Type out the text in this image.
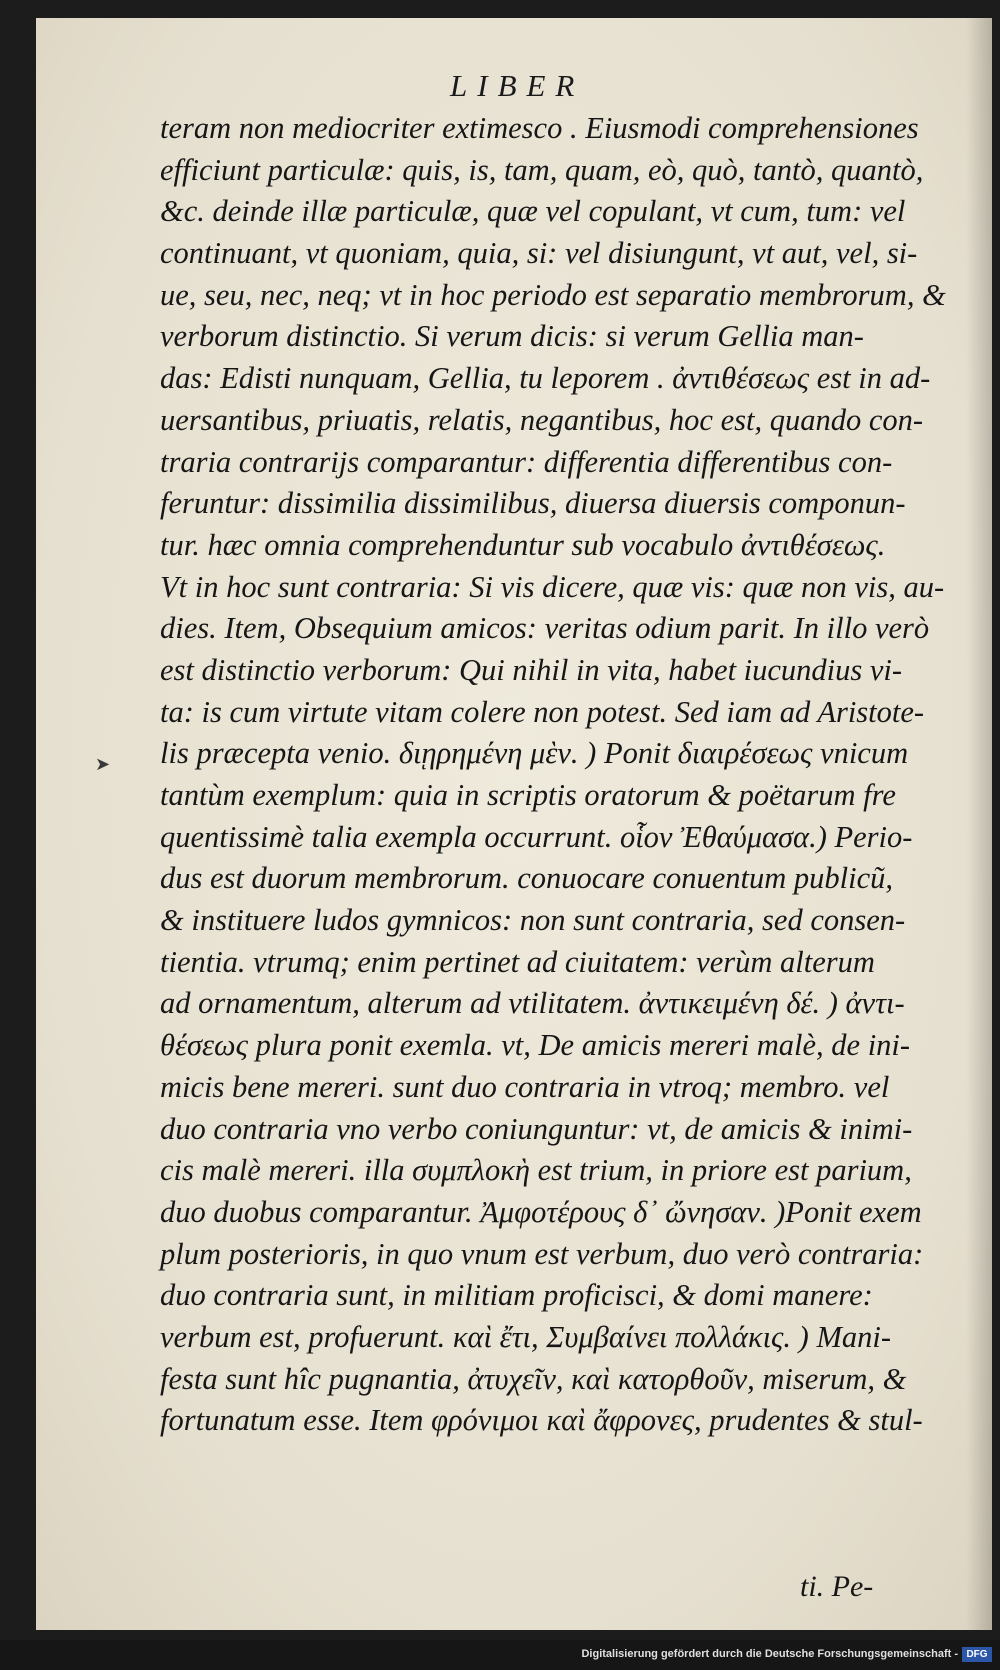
LIBER
➤
teram non mediocriter extimesco . Eiusmodi comprehensiones
efficiunt particulæ: quis, is, tam, quam, eò, quò, tantò, quantò,
&c. deinde illæ particulæ, quæ vel copulant, vt cum, tum: vel
continuant, vt quoniam, quia, si: vel disiungunt, vt aut, vel, si-
ue, seu, nec, neq; vt in hoc periodo est separatio membrorum, &
verborum distinctio. Si verum dicis: si verum Gellia man-
das: Edisti nunquam, Gellia, tu leporem . ἀντιθέσεως est in ad-
uersantibus, priuatis, relatis, negantibus, hoc est, quando con-
traria contrarijs comparantur: differentia differentibus con-
feruntur: dissimilia dissimilibus, diuersa diuersis componun-
tur. hæc omnia comprehenduntur sub vocabulo ἀντιθέσεως.
Vt in hoc sunt contraria: Si vis dicere, quæ vis: quæ non vis, au-
dies. Item, Obsequium amicos: veritas odium parit. In illo verò
est distinctio verborum: Qui nihil in vita, habet iucundius vi-
ta: is cum virtute vitam colere non potest. Sed iam ad Aristote-
lis præcepta venio. διῃρημένη μὲν. ) Ponit διαιρέσεως vnicum
tantùm exemplum: quia in scriptis oratorum & poëtarum fre
quentissimè talia exempla occurrunt. οἷον Ἐθαύμασα.) Perio-
dus est duorum membrorum. conuocare conuentum publicũ,
& instituere ludos gymnicos: non sunt contraria, sed consen-
tientia. vtrumq; enim pertinet ad ciuitatem: verùm alterum
ad ornamentum, alterum ad vtilitatem. ἀντικειμένη δέ. ) ἀντι-
θέσεως plura ponit exemla. vt, De amicis mereri malè, de ini-
micis bene mereri. sunt duo contraria in vtroq; membro. vel
duo contraria vno verbo coniunguntur: vt, de amicis & inimi-
cis malè mereri. illa συμπλοκὴ est trium, in priore est parium,
duo duobus comparantur. Ἀμφοτέρους δ᾽ ὤνησαν. )Ponit exem
plum posterioris, in quo vnum est verbum, duo verò contraria:
duo contraria sunt, in militiam proficisci, & domi manere:
verbum est, profuerunt. καὶ ἔτι, Συμβαίνει πολλάκις. ) Mani-
festa sunt hîc pugnantia, ἀτυχεῖν, καὶ κατορθοῦν, miserum, &
fortunatum esse. Item φρόνιμοι καὶ ἄφρονες, prudentes & stul-
ti. Pe-
Digitalisierung gefördert durch die Deutsche Forschungsgemeinschaft - DFG
